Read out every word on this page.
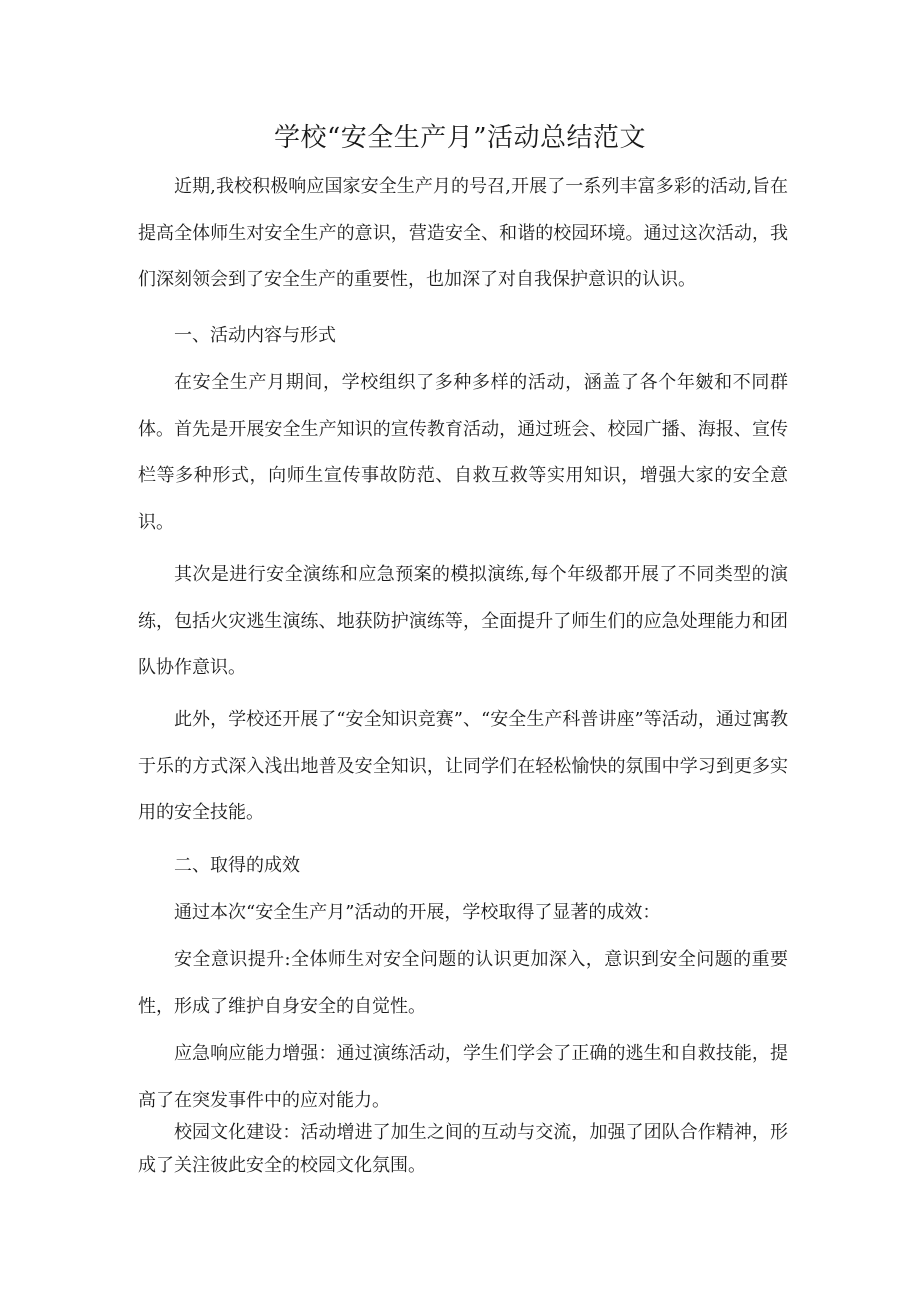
学校“安全生产月”活动总结范文

近期,我校积极响应国家安全生产月的号召,开展了一系列丰富多彩的活动,旨在提高全体师生对安全生产的意识，营造安全、和谐的校园环境。通过这次活动，我们深刻领会到了安全生产的重要性，也加深了对自我保护意识的认识。

一、活动内容与形式

在安全生产月期间，学校组织了多种多样的活动，涵盖了各个年皴和不同群体。首先是开展安全生产知识的宣传教育活动，通过班会、校园广播、海报、宣传栏等多种形式，向师生宣传事故防范、自救互救等实用知识，增强大家的安全意识。

其次是进行安全演练和应急预案的模拟演练,每个年级都开展了不同类型的演练，包括火灾逃生演练、地获防护演练等，全面提升了师生们的应急处理能力和团队协作意识。

此外，学校还开展了“安全知识竞赛”、“安全生产科普讲座”等活动，通过寓教于乐的方式深入浅出地普及安全知识，让同学们在轻松愉快的氛围中学习到更多实用的安全技能。

二、取得的成效

通过本次“安全生产月”活动的开展，学校取得了显著的成效：

安全意识提升:全体师生对安全问题的认识更加深入，意识到安全问题的重要性，形成了维护自身安全的自觉性。

应急响应能力增强：通过演练活动，学生们学会了正确的逃生和自救技能，提高了在突发事件中的应对能力。

校园文化建设：活动增进了加生之间的互动与交流，加强了团队合作精神，形成了关注彼此安全的校园文化氛围。
